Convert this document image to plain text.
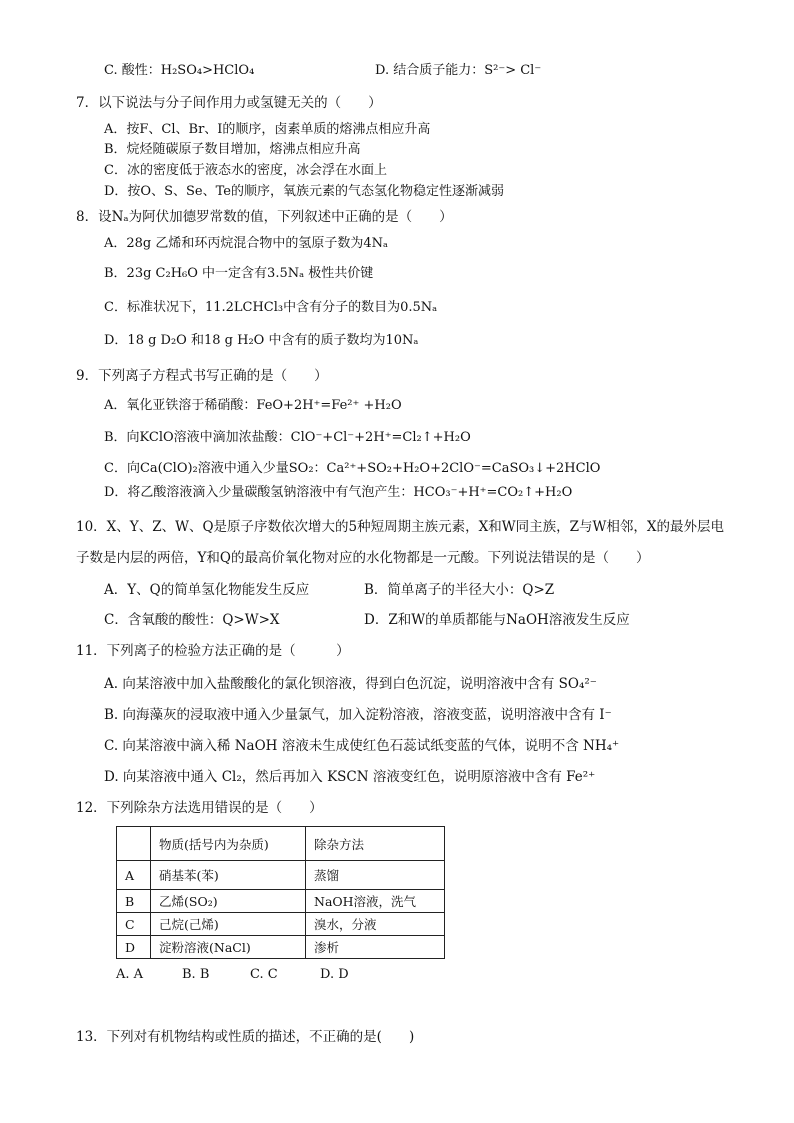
C. 酸性：H₂SO₄>HClO₄	D. 结合质子能力：S²⁻> Cl⁻
7．以下说法与分子间作用力或氢键无关的（　　）
A．按F、Cl、Br、I的顺序，卤素单质的熔沸点相应升高
B．烷烃随碳原子数目增加，熔沸点相应升高
C．冰的密度低于液态水的密度，冰会浮在水面上
D．按O、S、Se、Te的顺序，氧族元素的气态氢化物稳定性逐渐减弱
8．设Nₐ为阿伏加德罗常数的值，下列叙述中正确的是（　　）
A．28g 乙烯和环丙烷混合物中的氢原子数为4Nₐ
B．23g C₂H₆O 中一定含有3.5Nₐ 极性共价键
C．标准状况下，11.2LCHCl₃中含有分子的数目为0.5Nₐ
D．18 g D₂O 和18 g H₂O 中含有的质子数均为10Nₐ
9．下列离子方程式书写正确的是（　　）
A．氧化亚铁溶于稀硝酸：FeO+2H⁺=Fe²⁺ +H₂O
B．向KClO溶液中滴加浓盐酸：ClO⁻+Cl⁻+2H⁺=Cl₂↑+H₂O
C．向Ca(ClO)₂溶液中通入少量SO₂：Ca²⁺+SO₂+H₂O+2ClO⁻=CaSO₃↓+2HClO
D．将乙酸溶液滴入少量碳酸氢钠溶液中有气泡产生：HCO₃⁻+H⁺=CO₂↑+H₂O
10．X、Y、Z、W、Q是原子序数依次增大的5种短周期主族元素，X和W同主族，Z与W相邻，X的最外层电
子数是内层的两倍，Y和Q的最高价氧化物对应的水化物都是一元酸。下列说法错误的是（　　）
A．Y、Q的简单氢化物能发生反应	B．简单离子的半径大小：Q>Z
C．含氧酸的酸性：Q>W>X	D．Z和W的单质都能与NaOH溶液发生反应
11．下列离子的检验方法正确的是（　　　）
A. 向某溶液中加入盐酸酸化的氯化钡溶液，得到白色沉淀，说明溶液中含有 SO₄²⁻
B. 向海藻灰的浸取液中通入少量氯气，加入淀粉溶液，溶液变蓝，说明溶液中含有 I⁻
C. 向某溶液中滴入稀 NaOH 溶液未生成使红色石蕊试纸变蓝的气体，说明不含 NH₄⁺
D. 向某溶液中通入 Cl₂，然后再加入 KSCN 溶液变红色，说明原溶液中含有 Fe²⁺
12．下列除杂方法选用错误的是（　　）
	物质(括号内为杂质)	除杂方法
A	硝基苯(苯)	蒸馏
B	乙烯(SO₂)	NaOH溶液，洗气
C	己烷(己烯)	溴水，分液
D	淀粉溶液(NaCl)	渗析
A. A	B. B	C. C	D. D
13．下列对有机物结构或性质的描述，不正确的是(　　)
